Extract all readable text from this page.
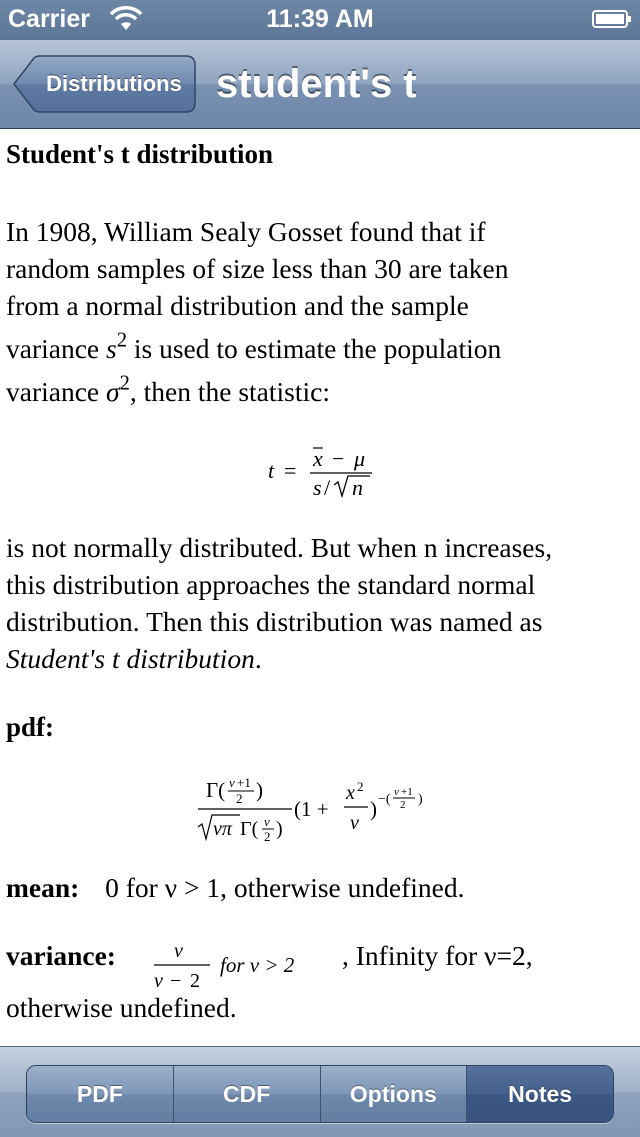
Carrier	11:39 AM
Distributions student's t
Student's t distribution

In 1908, William Sealy Gosset found that if
random samples of size less than 30 are taken
from a normal distribution and the sample
variance $s^2$ is used to estimate the population
variance $\sigma^2$, then the statistic:

t = x − μ
s / n

is not normally distributed. But when n increases,
this distribution approaches the standard normal
distribution. Then this distribution was named as
Student's t distribution.

pdf:
Γ( ν +1
2 )
νπ Γ( ν
2 )
(1 +
x 2
ν
) −( ν +1
2 )
mean: 0 for ν > 1, otherwise undefined.
variance:	ν
ν − 2
for ν > 2 , Infinity for ν=2,
otherwise undefined.
PDF	CDF	Options	Notes
